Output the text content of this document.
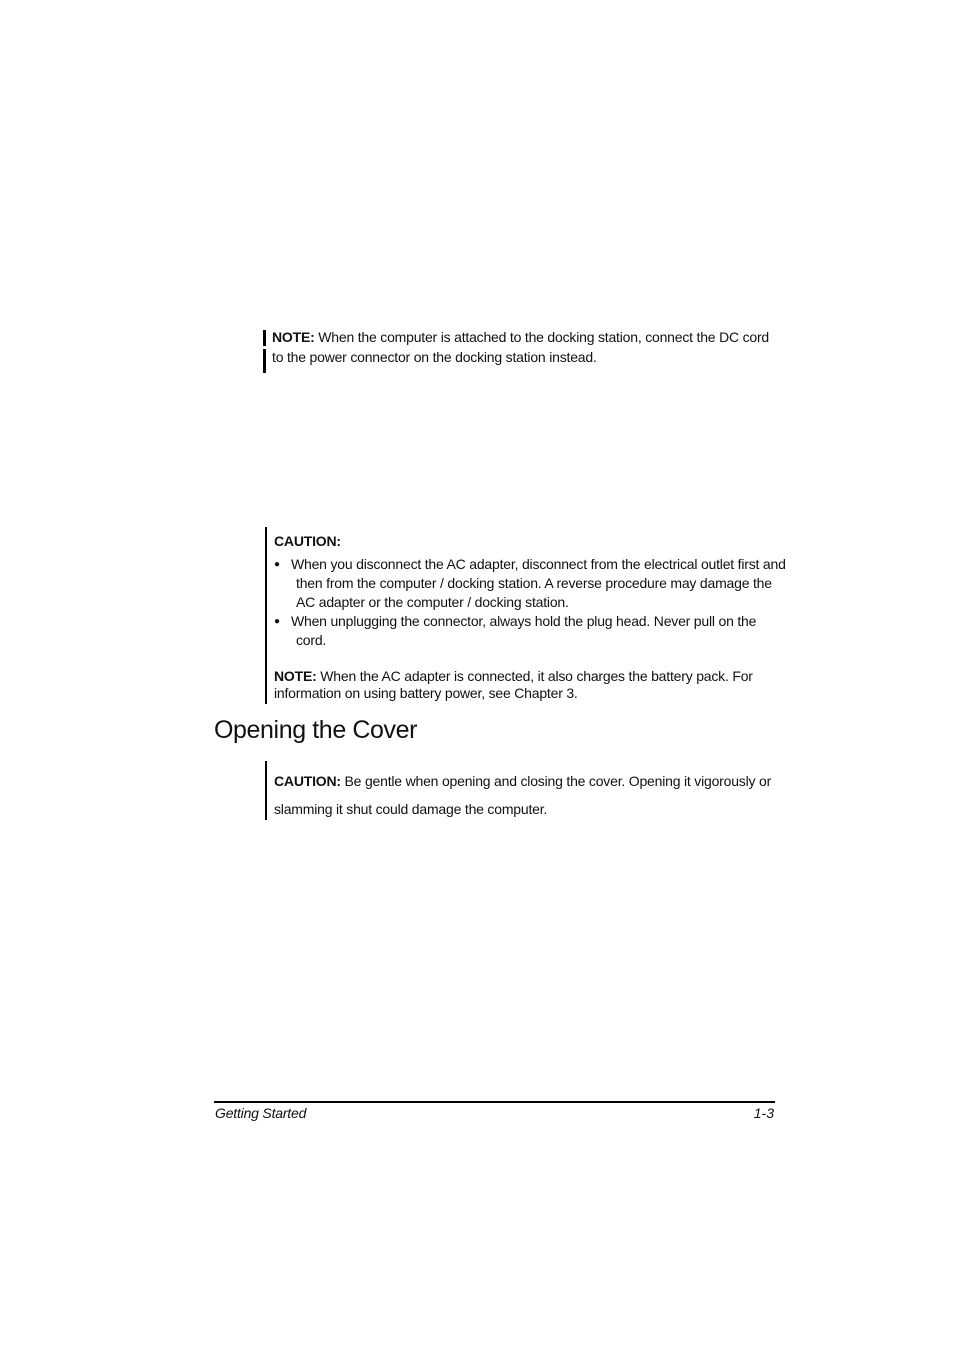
NOTE: When the computer is attached to the docking station, connect the DC cord to the power connector on the docking station instead.
CAUTION:
● When you disconnect the AC adapter, disconnect from the electrical outlet first and then from the computer / docking station. A reverse procedure may damage the AC adapter or the computer / docking station.
● When unplugging the connector, always hold the plug head. Never pull on the cord.
NOTE: When the AC adapter is connected, it also charges the battery pack. For information on using battery power, see Chapter 3.
Opening the Cover
CAUTION: Be gentle when opening and closing the cover. Opening it vigorously or slamming it shut could damage the computer.
Getting Started	1-3
